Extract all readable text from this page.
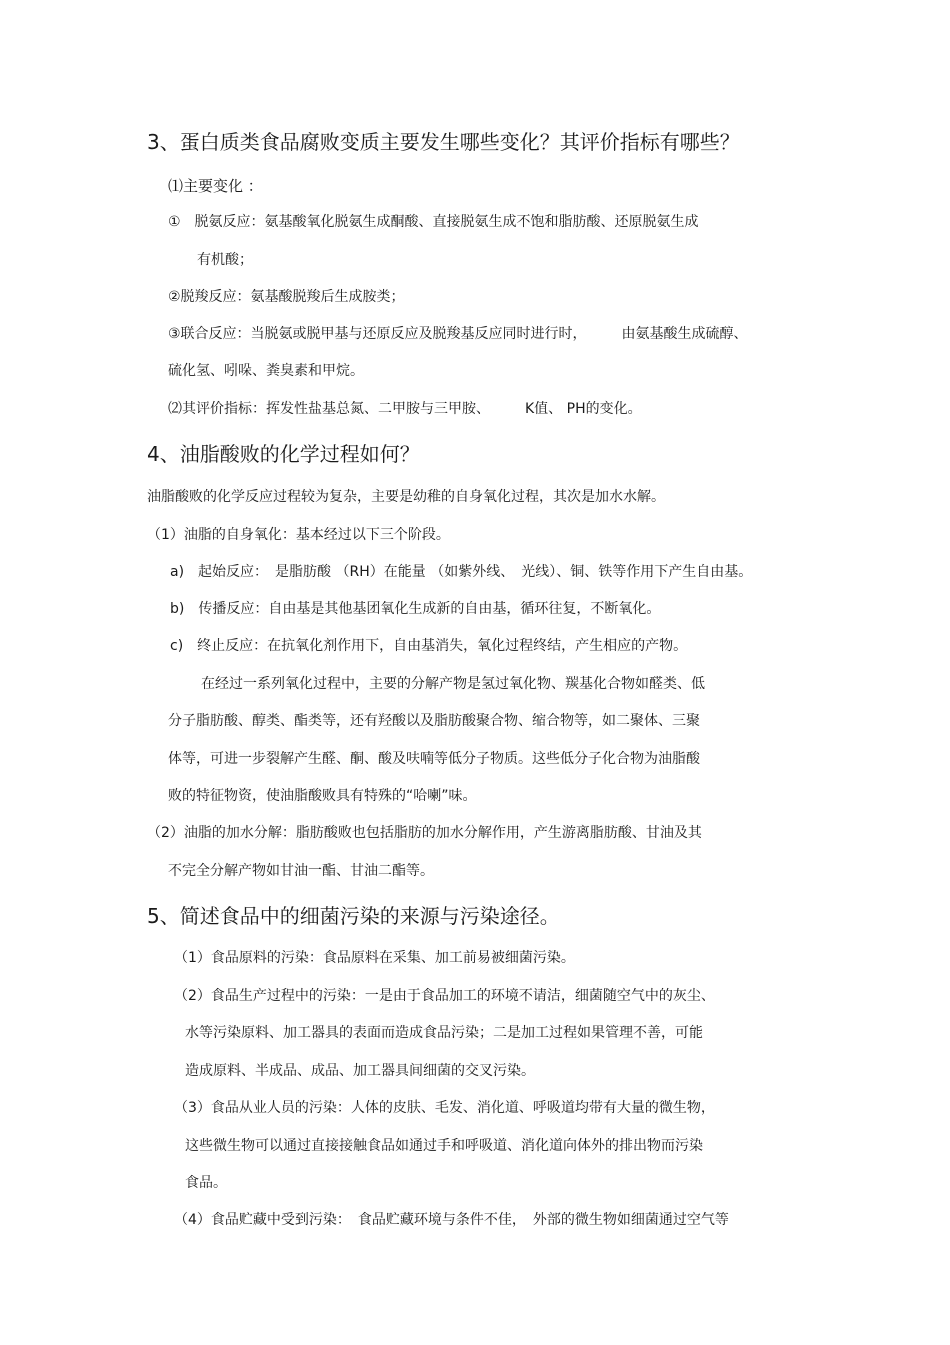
3、蛋白质类食品腐败变质主要发生哪些变化？其评价指标有哪些？
⑴主要变化 ：
①　脱氨反应：氨基酸氧化脱氨生成酮酸、直接脱氨生成不饱和脂肪酸、还原脱氨生成
有机酸；
②脱羧反应：氨基酸脱羧后生成胺类；
③联合反应：当脱氨或脱甲基与还原反应及脱羧基反应同时进行时，　　　由氨基酸生成硫醇、
硫化氢、吲哚、粪臭素和甲烷。
⑵其评价指标：挥发性盐基总氮、二甲胺与三甲胺、　　　K值、 PH的变化。
4、油脂酸败的化学过程如何？
油脂酸败的化学反应过程较为复杂，主要是幼稚的自身氧化过程，其次是加水水解。
（1）油脂的自身氧化：基本经过以下三个阶段。
a)　起始反应：　是脂肪酸 （RH）在能量 （如紫外线、　光线）、铜、铁等作用下产生自由基。
b)　传播反应：自由基是其他基团氧化生成新的自由基，循环往复，不断氧化。
c)　终止反应：在抗氧化剂作用下，自由基消失，氧化过程终结，产生相应的产物。
在经过一系列氧化过程中，主要的分解产物是氢过氧化物、羰基化合物如醛类、低
分子脂肪酸、醇类、酯类等，还有羟酸以及脂肪酸聚合物、缩合物等，如二聚体、三聚
体等，可进一步裂解产生醛、酮、酸及呋喃等低分子物质。这些低分子化合物为油脂酸
败的特征物资，使油脂酸败具有特殊的“哈喇”味。
（2）油脂的加水分解：脂肪酸败也包括脂肪的加水分解作用，产生游离脂肪酸、甘油及其
不完全分解产物如甘油一酯、甘油二酯等。
5、简述食品中的细菌污染的来源与污染途径。
（1）食品原料的污染：食品原料在采集、加工前易被细菌污染。
（2）食品生产过程中的污染：一是由于食品加工的环境不请洁，细菌随空气中的灰尘、
水等污染原料、加工器具的表面而造成食品污染；二是加工过程如果管理不善，可能
造成原料、半成品、成品、加工器具间细菌的交叉污染。
（3）食品从业人员的污染：人体的皮肤、毛发、消化道、呼吸道均带有大量的微生物，
这些微生物可以通过直接接触食品如通过手和呼吸道、消化道向体外的排出物而污染
食品。
（4）食品贮藏中受到污染：　食品贮藏环境与条件不佳，　外部的微生物如细菌通过空气等
